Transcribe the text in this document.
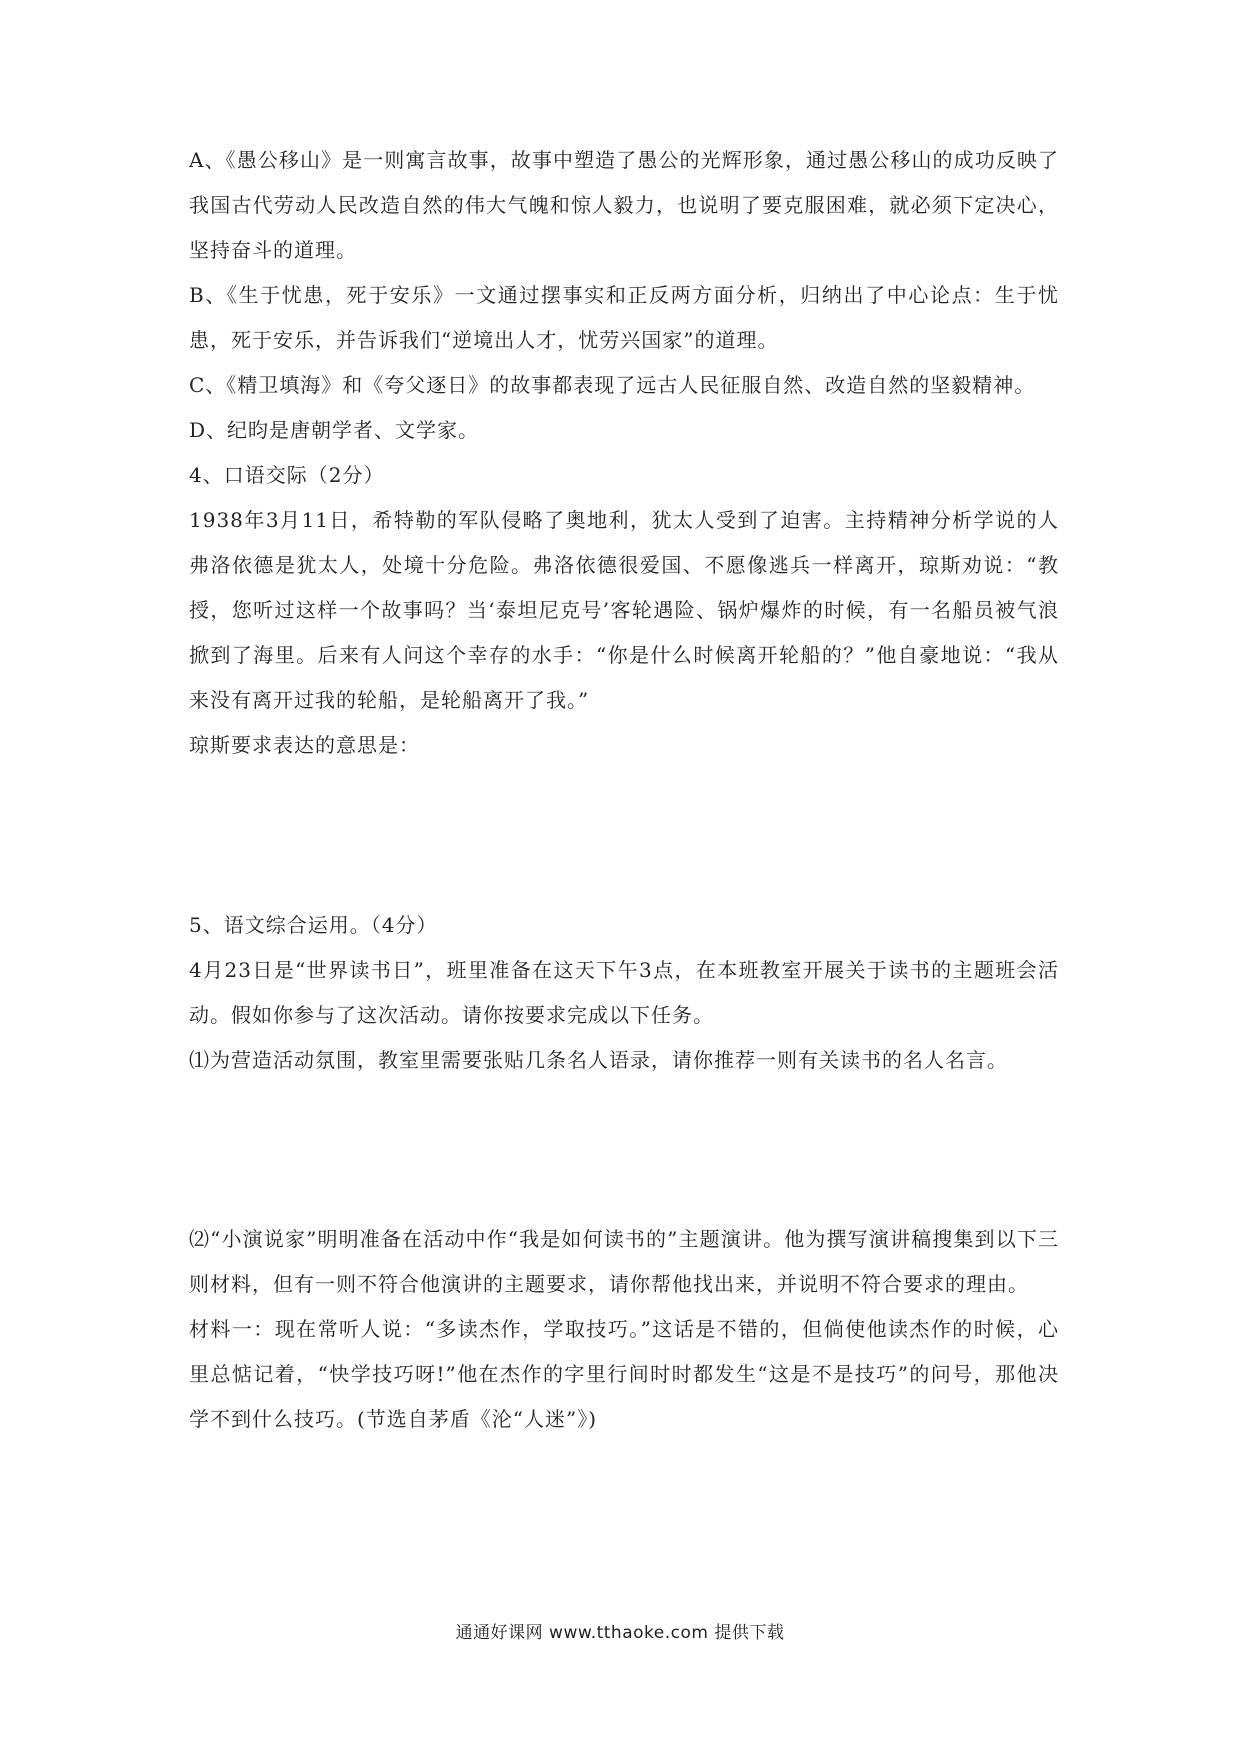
A、《愚公移山》是一则寓言故事，故事中塑造了愚公的光辉形象，通过愚公移山的成功反映了我国古代劳动人民改造自然的伟大气魄和惊人毅力，也说明了要克服困难，就必须下定决心，坚持奋斗的道理。

B、《生于忧患，死于安乐》一文通过摆事实和正反两方面分析，归纳出了中心论点：生于忧患，死于安乐，并告诉我们“逆境出人才，忧劳兴国家”的道理。

C、《精卫填海》和《夸父逐日》的故事都表现了远古人民征服自然、改造自然的坚毅精神。

D、纪昀是唐朝学者、文学家。

4、口语交际（2分）

1938年3月11日，希特勒的军队侵略了奥地利，犹太人受到了迫害。主持精神分析学说的人弗洛依德是犹太人，处境十分危险。弗洛依德很爱国、不愿像逃兵一样离开，琼斯劝说：“教授，您听过这样一个故事吗？当‘泰坦尼克号’客轮遇险、锅炉爆炸的时候，有一名船员被气浪掀到了海里。后来有人问这个幸存的水手：“你是什么时候离开轮船的？”他自豪地说：“我从来没有离开过我的轮船，是轮船离开了我。”

琼斯要求表达的意思是：

5、语文综合运用。（4分）

4月23日是“世界读书日”，班里准备在这天下午3点，在本班教室开展关于读书的主题班会活动。假如你参与了这次活动。请你按要求完成以下任务。

⑴为营造活动氛围，教室里需要张贴几条名人语录，请你推荐一则有关读书的名人名言。

⑵“小演说家”明明准备在活动中作“我是如何读书的”主题演讲。他为撰写演讲稿搜集到以下三则材料，但有一则不符合他演讲的主题要求，请你帮他找出来，并说明不符合要求的理由。

材料一：现在常听人说：“多读杰作，学取技巧。”这话是不错的，但倘使他读杰作的时候，心里总惦记着，“快学技巧呀!”他在杰作的字里行间时时都发生“这是不是技巧”的问号，那他决学不到什么技巧。(节选自茅盾《沦“人迷”》)

通通好课网 www.tthaoke.com 提供下载
